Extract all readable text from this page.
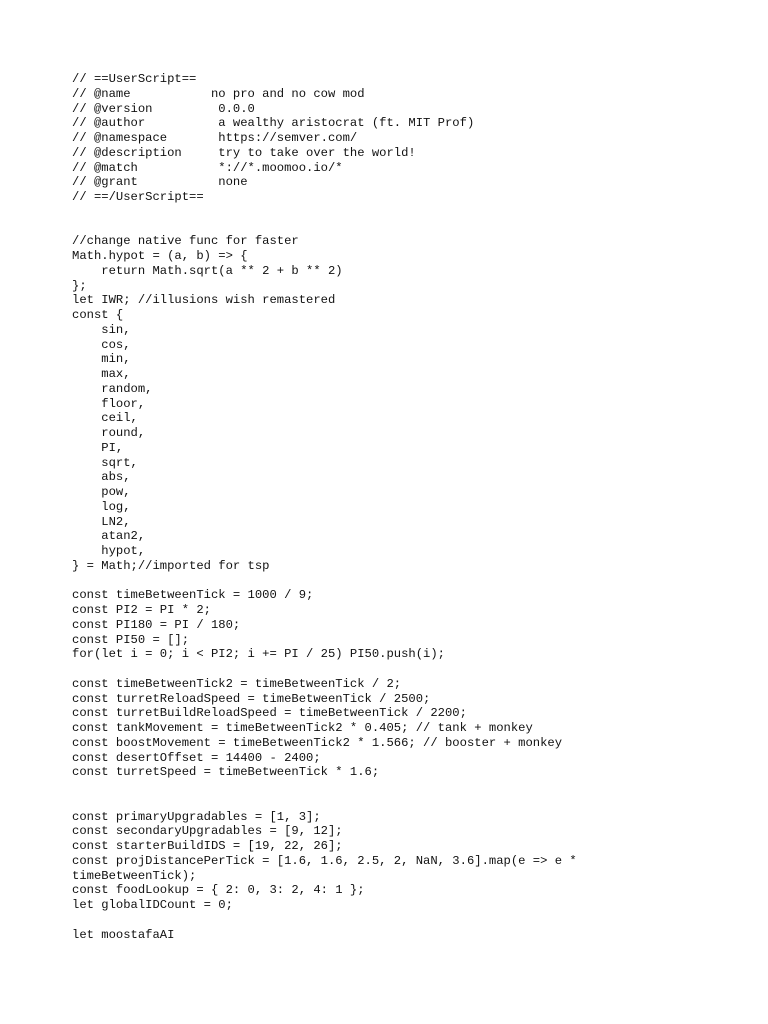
// ==UserScript==
// @name           no pro and no cow mod
// @version         0.0.0
// @author          a wealthy aristocrat (ft. MIT Prof)
// @namespace       https://semver.com/
// @description     try to take over the world!
// @match           *://*.moomoo.io/*
// @grant           none
// ==/UserScript==
//change native func for faster
Math.hypot = (a, b) => {
return Math.sqrt(a ** 2 + b ** 2)
};
let IWR; //illusions wish remastered
const {
sin,
cos,
min,
max,
random,
floor,
ceil,
round,
PI,
sqrt,
abs,
pow,
log,
LN2,
atan2,
hypot,
} = Math;//imported for tsp
const timeBetweenTick = 1000 / 9;
const PI2 = PI * 2;
const PI180 = PI / 180;
const PI50 = [];
for(let i = 0; i < PI2; i += PI / 25) PI50.push(i);
const timeBetweenTick2 = timeBetweenTick / 2;
const turretReloadSpeed = timeBetweenTick / 2500;
const turretBuildReloadSpeed = timeBetweenTick / 2200;
const tankMovement = timeBetweenTick2 * 0.405; // tank + monkey
const boostMovement = timeBetweenTick2 * 1.566; // booster + monkey
const desertOffset = 14400 - 2400;
const turretSpeed = timeBetweenTick * 1.6;
const primaryUpgradables = [1, 3];
const secondaryUpgradables = [9, 12];
const starterBuildIDS = [19, 22, 26];
const projDistancePerTick = [1.6, 1.6, 2.5, 2, NaN, 3.6].map(e => e *
timeBetweenTick);
const foodLookup = { 2: 0, 3: 2, 4: 1 };
let globalIDCount = 0;
let moostafaAI
